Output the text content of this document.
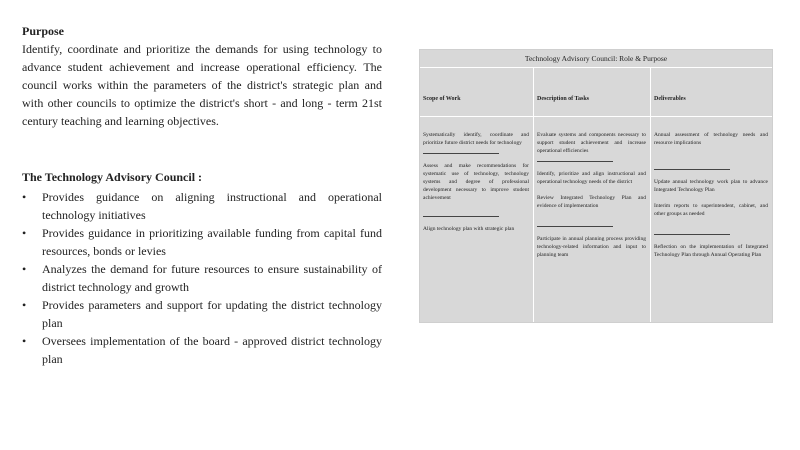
Purpose

Identify, coordinate and prioritize the demands for using technology to advance student achievement and increase operational efficiency. The council works within the parameters of the district's strategic plan and with other councils to optimize the district's short - and long - term 21st century teaching and learning objectives.

The Technology Advisory Council :

• Provides guidance on aligning instructional and operational technology initiatives
• Provides guidance in prioritizing available funding from capital fund resources, bonds or levies
• Analyzes the demand for future resources to ensure sustainability of district technology and growth
• Provides parameters and support for updating the district technology plan
• Oversees implementation of the board - approved district technology plan
Technology Advisory Council: Role & Purpose
Scope of Work	Description of Tasks	Deliverables

Systematically identify, coordinate and prioritize future district needs for technology

Assess and make recommendations for systematic use of technology, technology systems and degree of professional development necessary to improve student achievement

Align technology plan with strategic plan

Evaluate systems and components necessary to support student achievement and increase operational efficiencies

Identify, prioritize and align instructional and operational technology needs of the district

Review Integrated Technology Plan and evidence of implementation

Participate in annual planning process providing technology-related information and input to planning team

Annual assessment of technology needs and resource implications

Update annual technology work plan to advance Integrated Technology Plan

Interim reports to superintendent, cabinet, and other groups as needed

Reflection on the implementation of Integrated Technology Plan through Annual Operating Plan
